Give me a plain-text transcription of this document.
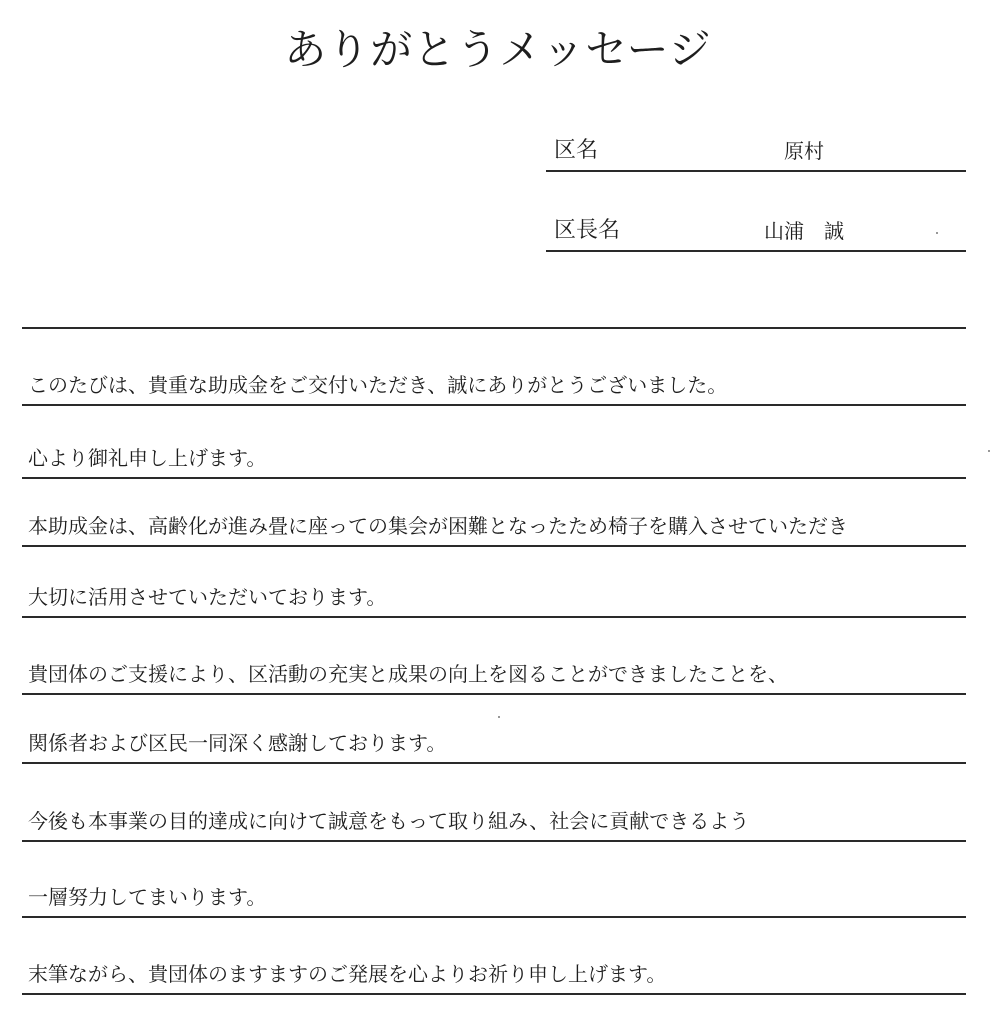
ありがとうメッセージ
区名	原村
区長名	山浦　誠
このたびは、貴重な助成金をご交付いただき、誠にありがとうございました。
心より御礼申し上げます。
本助成金は、高齢化が進み畳に座っての集会が困難となったため椅子を購入させていただき
大切に活用させていただいております。
貴団体のご支援により、区活動の充実と成果の向上を図ることができましたことを、
関係者および区民一同深く感謝しております。
今後も本事業の目的達成に向けて誠意をもって取り組み、社会に貢献できるよう
一層努力してまいります。
末筆ながら、貴団体のますますのご発展を心よりお祈り申し上げます。
